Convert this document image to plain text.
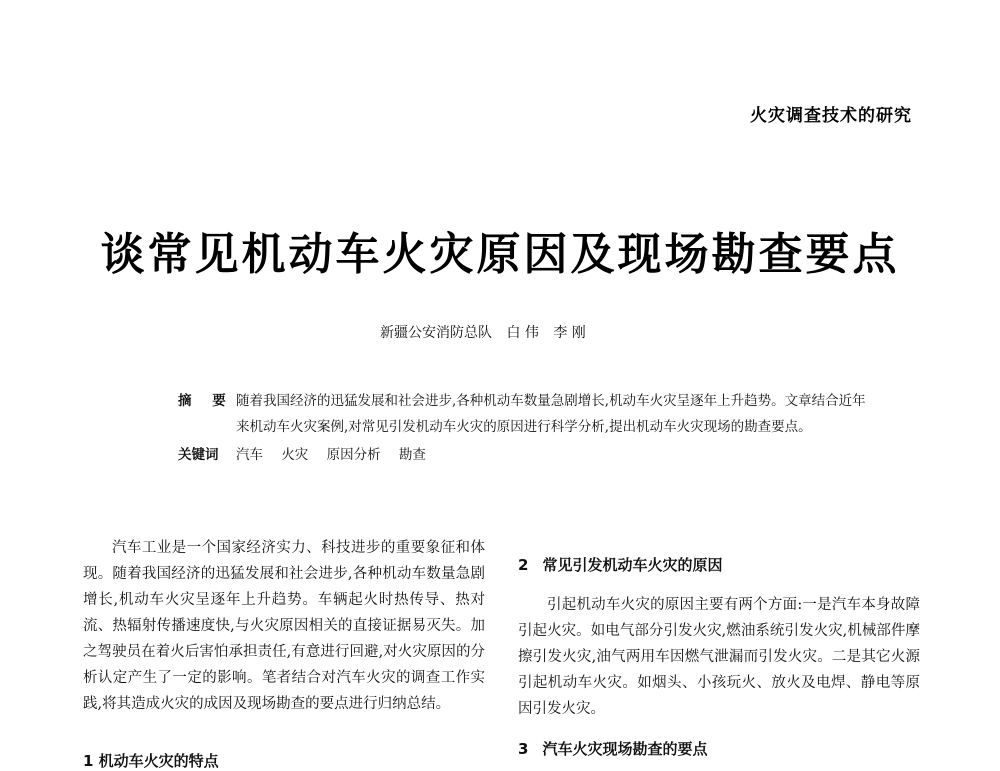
火灾调查技术的研究
谈常见机动车火灾原因及现场勘查要点
新疆公安消防总队 白 伟 李 刚
摘 要 随着我国经济的迅猛发展和社会进步,各种机动车数量急剧增长,机动车火灾呈逐年上升趋势。文章结合近年来机动车火灾案例,对常见引发机动车火灾的原因进行科学分析,提出机动车火灾现场的勘查要点。
关键词	汽车 火灾 原因分析 勘查

汽车工业是一个国家经济实力、科技进步的重要象征和体现。随着我国经济的迅猛发展和社会进步,各种机动车数量急剧增长,机动车火灾呈逐年上升趋势。车辆起火时热传导、热对流、热辐射传播速度快,与火灾原因相关的直接证据易灭失。加之驾驶员在着火后害怕承担责任,有意进行回避,对火灾原因的分析认定产生了一定的影响。笔者结合对汽车火灾的调查工作实践,将其造成火灾的成因及现场勘查的要点进行归纳总结。

2 常见引发机动车火灾的原因

引起机动车火灾的原因主要有两个方面:一是汽车本身故障引起火灾。如电气部分引发火灾,燃油系统引发火灾,机械部件摩擦引发火灾,油气两用车因燃气泄漏而引发火灾。二是其它火源引起机动车火灾。如烟头、小孩玩火、放火及电焊、静电等原因引发火灾。

3 汽车火灾现场勘查的要点

1 机动车火灾的特点
